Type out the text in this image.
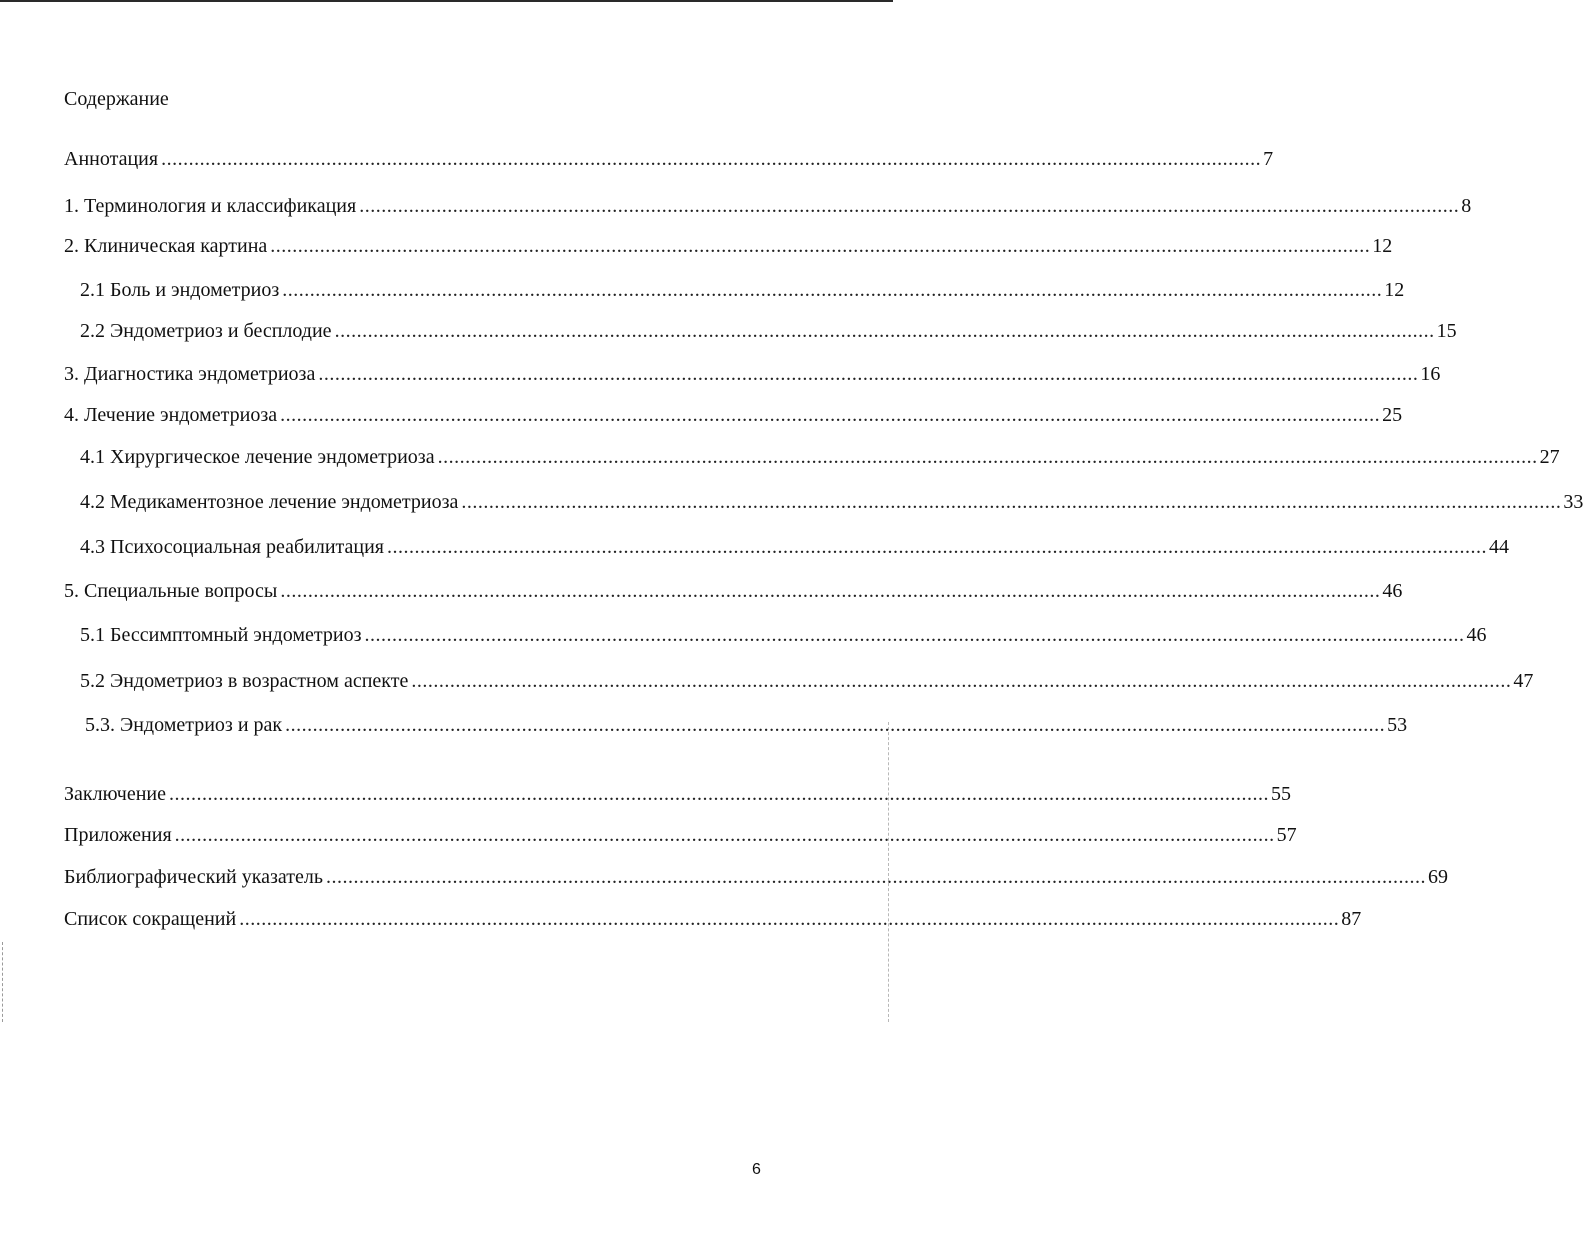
Содержание
Аннотация ........................................................................................................................................................................................................ 7
1. Терминология и классификация ........................................................................................................................................................................................................ 8
2. Клиническая картина ........................................................................................................................................................................................................ 12
2.1 Боль и эндометриоз ........................................................................................................................................................................................................ 12
2.2 Эндометриоз и бесплодие ........................................................................................................................................................................................................ 15
3. Диагностика эндометриоза ........................................................................................................................................................................................................ 16
4. Лечение эндометриоза ........................................................................................................................................................................................................ 25
4.1 Хирургическое лечение эндометриоза ........................................................................................................................................................................................................ 27
4.2 Медикаментозное лечение эндометриоза ........................................................................................................................................................................................................ 33
4.3 Психосоциальная реабилитация ........................................................................................................................................................................................................ 44
5. Специальные вопросы ........................................................................................................................................................................................................ 46
5.1 Бессимптомный эндометриоз ........................................................................................................................................................................................................ 46
5.2 Эндометриоз в возрастном аспекте ........................................................................................................................................................................................................ 47
5.3. Эндометриоз и рак ........................................................................................................................................................................................................ 53
Заключение ........................................................................................................................................................................................................ 55
Приложения ........................................................................................................................................................................................................ 57
Библиографический указатель ........................................................................................................................................................................................................ 69
Список сокращений ........................................................................................................................................................................................................ 87
6
